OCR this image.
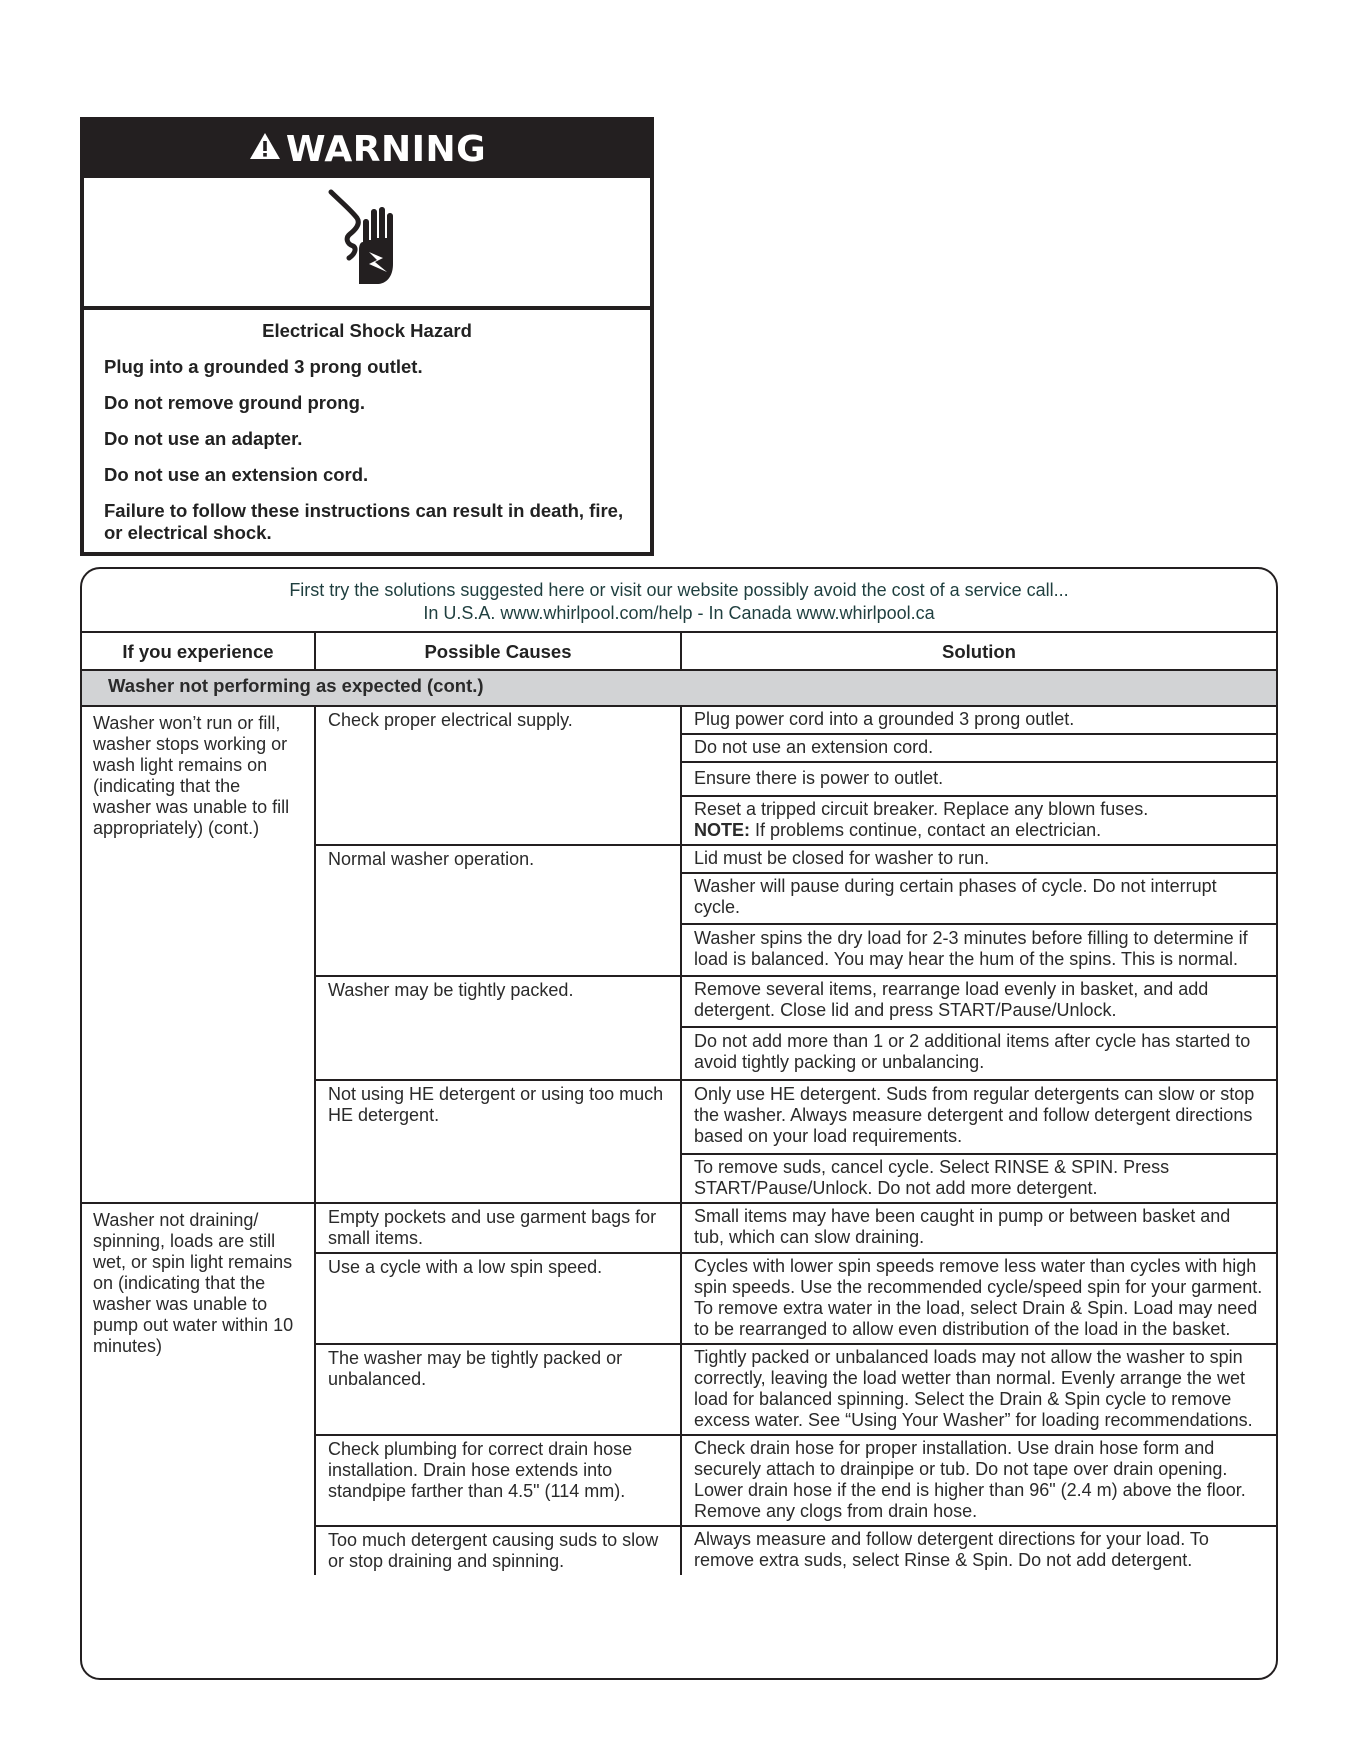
WARNING

Electrical Shock Hazard

Plug into a grounded 3 prong outlet.

Do not remove ground prong.

Do not use an adapter.

Do not use an extension cord.

Failure to follow these instructions can result in death, fire, or electrical shock.

First try the solutions suggested here or visit our website possibly avoid the cost of a service call...
In U.S.A. www.whirlpool.com/help - In Canada www.whirlpool.ca
If you experience	Possible Causes	Solution
Washer not performing as expected (cont.)		
Washer won’t run or fill, washer stops working or wash light remains on (indicating that the washer was unable to fill appropriately) (cont.)	Check proper electrical supply.	Plug power cord into a grounded 3 prong outlet.
		Do not use an extension cord.
		Ensure there is power to outlet.

		Reset a tripped circuit breaker. Replace any blown fuses.
NOTE: If problems continue, contact an electrician.

	Normal washer operation.	Lid must be closed for washer to run.
		Washer will pause during certain phases of cycle. Do not interrupt cycle.
		Washer spins the dry load for 2-3 minutes before filling to determine if load is balanced. You may hear the hum of the spins. This is normal.
	Washer may be tightly packed.	Remove several items, rearrange load evenly in basket, and add detergent. Close lid and press START/Pause/Unlock.
		Do not add more than 1 or 2 additional items after cycle has started to avoid tightly packing or unbalancing.
	Not using HE detergent or using too much HE detergent.	Only use HE detergent. Suds from regular detergents can slow or stop the washer. Always measure detergent and follow detergent directions based on your load requirements.
		To remove suds, cancel cycle. Select RINSE & SPIN. Press START/Pause/Unlock. Do not add more detergent.
Washer not draining/ spinning, loads are still wet, or spin light remains on (indicating that the washer was unable to pump out water within 10 minutes)	Empty pockets and use garment bags for small items.	Small items may have been caught in pump or between basket and tub, which can slow draining.
	Use a cycle with a low spin speed.	Cycles with lower spin speeds remove less water than cycles with high spin speeds. Use the recommended cycle/speed spin for your garment. To remove extra water in the load, select Drain & Spin. Load may need to be rearranged to allow even distribution of the load in the basket.
	The washer may be tightly packed or unbalanced.	Tightly packed or unbalanced loads may not allow the washer to spin correctly, leaving the load wetter than normal. Evenly arrange the wet load for balanced spinning. Select the Drain & Spin cycle to remove excess water. See “Using Your Washer” for loading recommendations.
	Check plumbing for correct drain hose installation. Drain hose extends into standpipe farther than 4.5" (114 mm).	Check drain hose for proper installation. Use drain hose form and securely attach to drainpipe or tub. Do not tape over drain opening. Lower drain hose if the end is higher than 96" (2.4 m) above the floor. Remove any clogs from drain hose.
	Too much detergent causing suds to slow or stop draining and spinning.	Always measure and follow detergent directions for your load. To remove extra suds, select Rinse & Spin. Do not add detergent.
